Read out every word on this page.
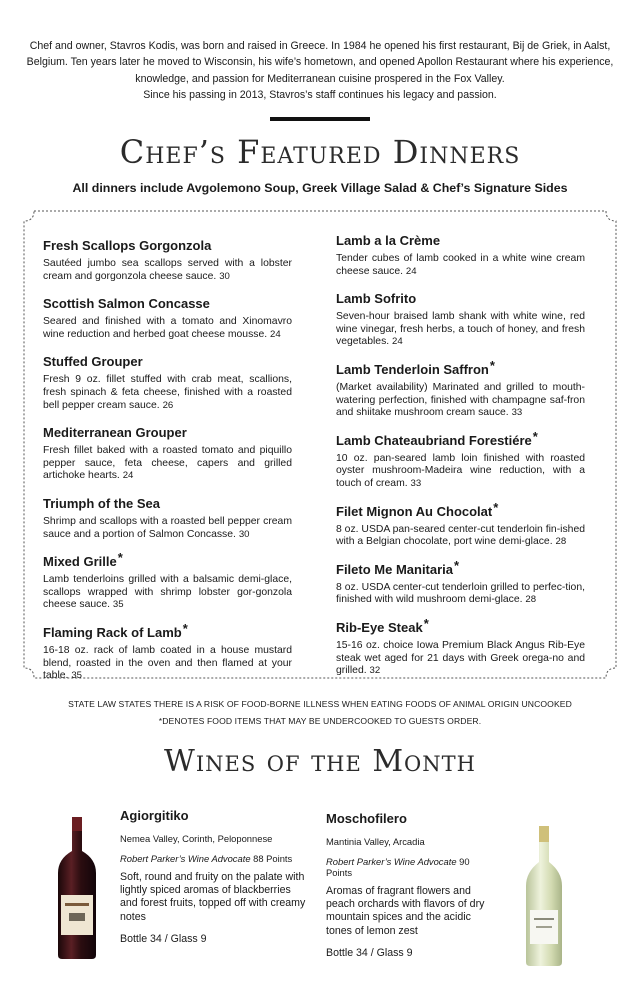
Chef and owner, Stavros Kodis, was born and raised in Greece. In 1984 he opened his first restaurant, Bij de Griek, in Aalst, Belgium. Ten years later he moved to Wisconsin, his wife’s hometown, and opened Apollon Restaurant where his experience, knowledge, and passion for Mediterranean cuisine prospered in the Fox Valley.

Since his passing in 2013, Stavros’s staff continues his legacy and passion.

Chef’s Featured Dinners
All dinners include Avgolemono Soup, Greek Village Salad & Chef’s Signature Sides
Fresh Scallops Gorgonzola
Sautéed jumbo sea scallops served with a lobster cream and gorgonzola cheese sauce. 30
Scottish Salmon Concasse
Seared and finished with a tomato and Xinomavro wine reduction and herbed goat cheese mousse. 24
Stuffed Grouper
Fresh 9 oz. fillet stuffed with crab meat, scallions, fresh spinach & feta cheese, finished with a roasted bell pepper cream sauce. 26
Mediterranean Grouper
Fresh fillet baked with a roasted tomato and piquillo pepper sauce, feta cheese, capers and grilled artichoke hearts. 24
Triumph of the Sea
Shrimp and scallops with a roasted bell pepper cream sauce and a portion of Salmon Concasse. 30
Mixed Grille*
Lamb tenderloins grilled with a balsamic demi-glace, scallops wrapped with shrimp lobster gor-gonzola cheese sauce. 35
Flaming Rack of Lamb*
16-18 oz. rack of lamb coated in a house mustard blend, roasted in the oven and then flamed at your table. 35
Lamb a la Crème
Tender cubes of lamb cooked in a white wine cream cheese sauce. 24
Lamb Sofrito
Seven-hour braised lamb shank with white wine, red wine vinegar, fresh herbs, a touch of honey, and fresh vegetables. 24
Lamb Tenderloin Saffron*
(Market availability) Marinated and grilled to mouth-watering perfection, finished with champagne saf-fron and shiitake mushroom cream sauce. 33
Lamb Chateaubriand Forestiére*
10 oz. pan-seared lamb loin finished with roasted oyster mushroom-Madeira wine reduction, with a touch of cream. 33
Filet Mignon Au Chocolat*
8 oz. USDA pan-seared center-cut tenderloin fin-ished with a Belgian chocolate, port wine demi-glace. 28
Fileto Me Manitaria*
8 oz. USDA center-cut tenderloin grilled to perfec-tion, finished with wild mushroom demi-glace. 28
Rib-Eye Steak*
15-16 oz. choice Iowa Premium Black Angus Rib-Eye steak wet aged for 21 days with Greek orega-no and grilled. 32
STATE LAW STATES THERE IS A RISK OF FOOD-BORNE ILLNESS WHEN EATING FOODS OF ANIMAL ORIGIN UNCOOKED
*DENOTES FOOD ITEMS THAT MAY BE UNDERCOOKED TO GUESTS ORDER.
Wines of the Month
Agiorgitiko
Nemea Valley, Corinth, Peloponnese
Robert Parker’s Wine Advocate 88 Points
Soft, round and fruity on the palate with lightly spiced aromas of blackberries and forest fruits, topped off with creamy notes
Bottle 34 / Glass 9
Moschofilero
Mantinia Valley, Arcadia
Robert Parker’s Wine Advocate 90 Points
Aromas of fragrant flowers and peach orchards with flavors of dry mountain spices and the acidic tones of lemon zest
Bottle 34 / Glass 9
